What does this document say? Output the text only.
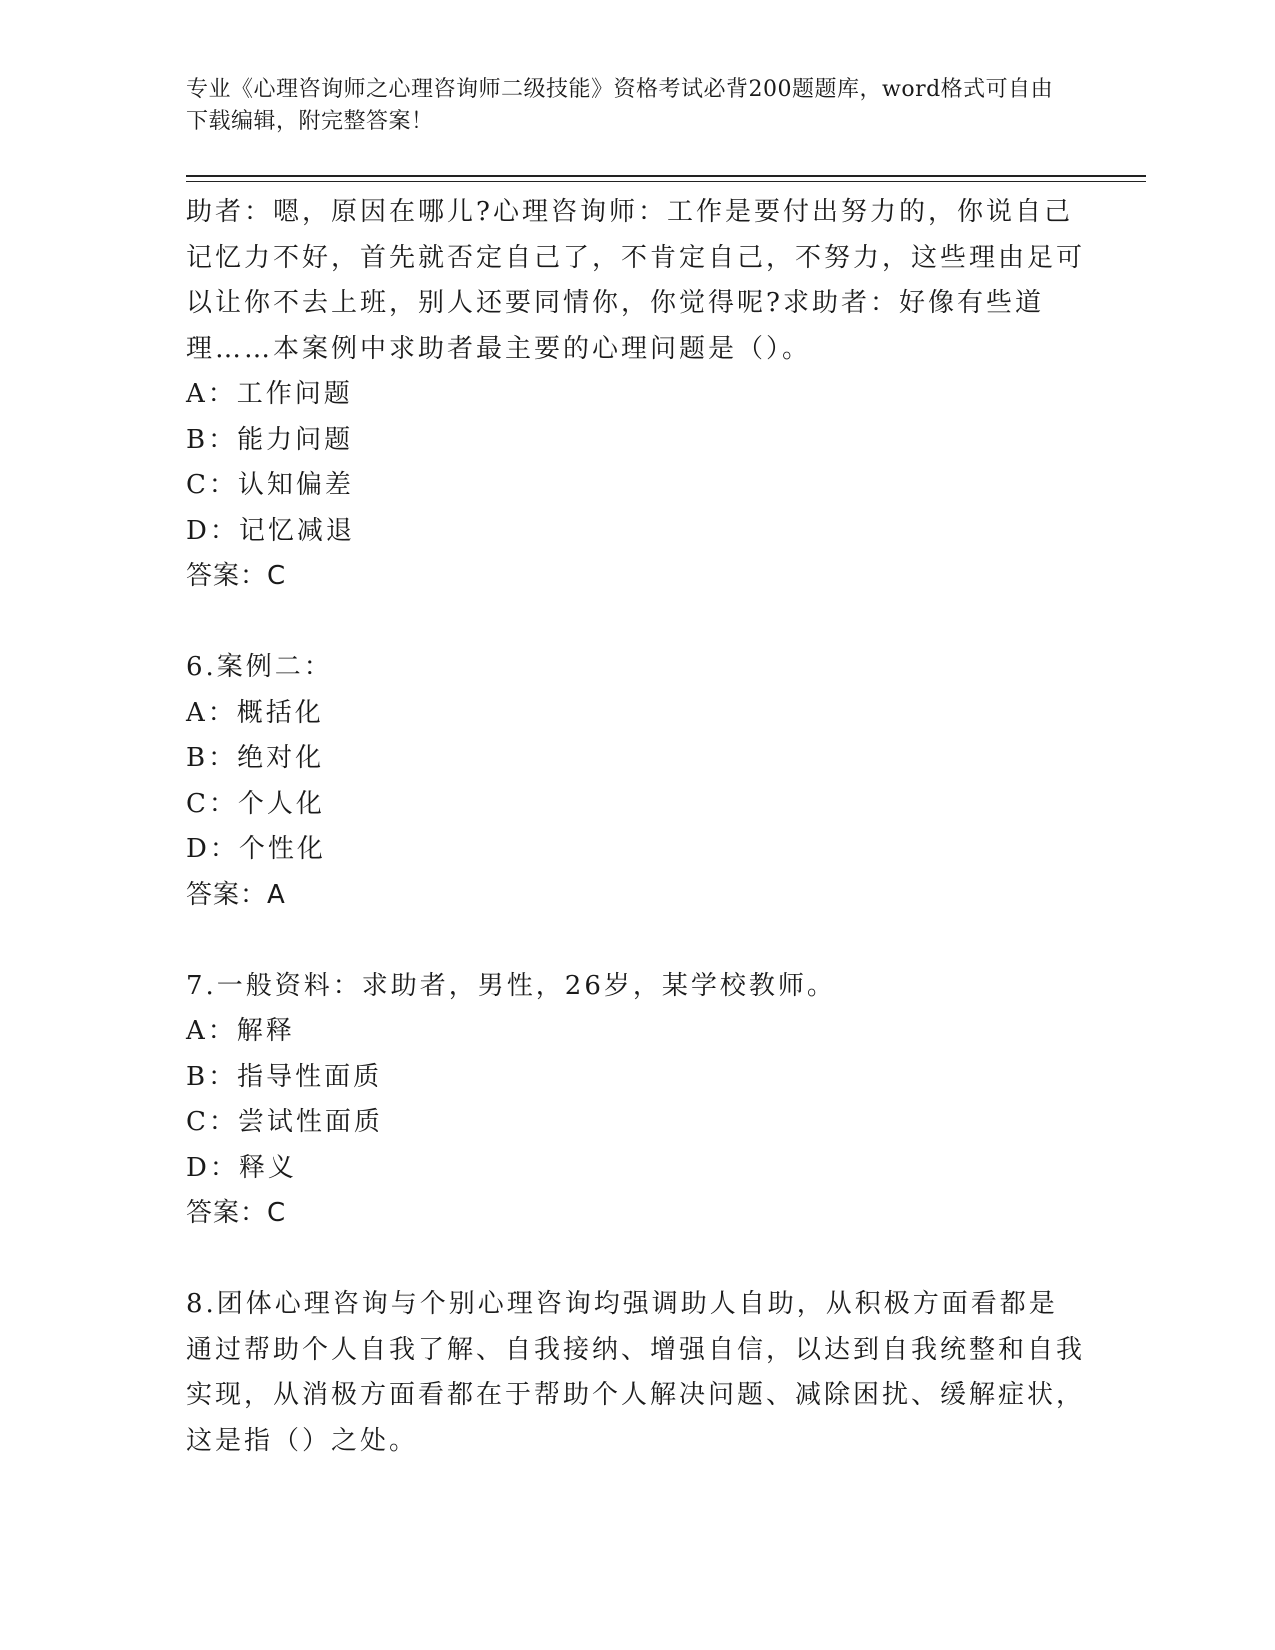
专业《心理咨询师之心理咨询师二级技能》资格考试必背200题题库，word格式可自由下载编辑，附完整答案！

助者：嗯，原因在哪儿?心理咨询师：工作是要付出努力的，你说自己记忆力不好，首先就否定自己了，不肯定自己，不努力，这些理由足可以让你不去上班，别人还要同情你，你觉得呢?求助者：好像有些道理……本案例中求助者最主要的心理问题是（）。

A：工作问题

B：能力问题

C：认知偏差

D：记忆减退

答案：C

6.案例二：

A：概括化

B：绝对化

C：个人化

D：个性化

答案：A

7.一般资料：求助者，男性，26岁，某学校教师。

A：解释

B：指导性面质

C：尝试性面质

D：释义

答案：C

8.团体心理咨询与个别心理咨询均强调助人自助，从积极方面看都是通过帮助个人自我了解、自我接纳、增强自信，以达到自我统整和自我实现，从消极方面看都在于帮助个人解决问题、减除困扰、缓解症状，这是指（）之处。
